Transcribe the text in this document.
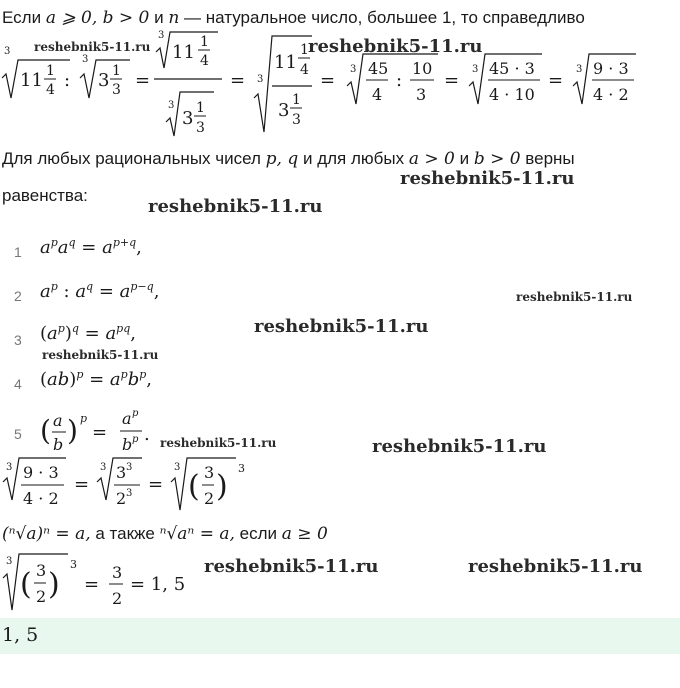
Если a ⩾ 0, b > 0 и n — натуральное число, большее 1, то справедливо
reshebnik5-11.ru	reshebnik5-11.ru
3
11 1
4 :
3
3 1
3 =
3
11 1
4
3
3 1
3
= 3
11
1
4
3 1
3
=
3 45
4
:
10
3
=
3 45 · 3
4 · 10
=
3 9 · 3
4 · 2
Для любых рациональных чисел p, q и для любых a > 0 и b > 0 верны
reshebnik5-11.ru
равенства:
reshebnik5-11.ru
1 $a^pa^q = a^{p+q}$,
2 $a^p$ : $a^q = a^{p-q}$,	reshebnik5-11.ru
3 $(a^p)^q = a^{pq}$,	reshebnik5-11.ru
reshebnik5-11.ru
4 $(ab)^p = a^pb^p$,
5 ( a
b ) p
=
a p
b p . reshebnik5-11.ru	reshebnik5-11.ru
3 9 · 3
4 · 2
=
3 3 3
2 3 =
3
( 3
2 )
3
(ⁿ√a)ⁿ = a, а также ⁿ√aⁿ = a, если a ≥ 0
3
( 3
2 )
3
=
3
2
= 1, 5
reshebnik5-11.ru	reshebnik5-11.ru
1, 5
